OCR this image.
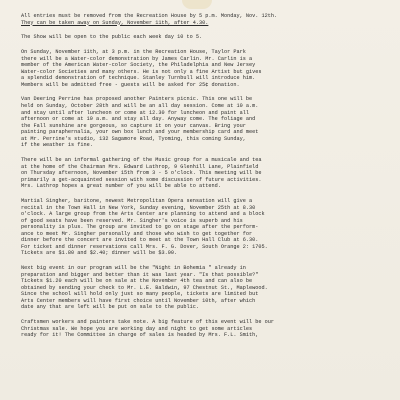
All entries must be removed from the Recreation House by 5 p.m. Monday, Nov. 12th.
They can be taken away on Sunday, November 11th, after 4.30.
The Show will be open to the public each week day 10 to 5.
On Sunday, November 11th, at 3 p.m. in the Recreation House, Taylor Park
there will be a Water-color demonstration by James Carlin. Mr. Carlin is a
member of the American Water-color Society, the Philadelphia and New Jersey
Water-color Societies and many others. He is not only a fine Artist but gives
a splendid demonstration of technique. Stanley Turnbull will introduce him.
Members will be admitted free - guests will be asked for 25¢ donation.
Van Deering Perrine has proposed another Painters picnic. This one will be
held on Sunday, October 28th and will be an all day session. Come at 10 a.m.
and stay until after luncheon or come at 12.30 for luncheon and paint all
afternoon or come at 10 a.m. and stay all day. Anyway come. The foliage and
the Fall sunshine are gorgeous, so capture it on your canvas. Bring your
painting paraphernalia, your own box lunch and your membership card and meet
at Mr. Perrine's studio, 132 Sagamore Road, Tyoming, this coming Sunday,
if the weather is fine.
There will be an informal gathering of the Music group for a musicale and tea
at the home of the Chairman Mrs. Edward Lathrop, 9 Glenhill Lane, Plainfield
on Thursday afternoon, November 15th from 3 - 5 o'clock. This meeting will be
primarily a get-acquainted session with some discussion of future activities.
Mrs. Lathrop hopes a great number of you will be able to attend.
Martial Singher, baritone, newest Metropolitan Opera sensation will give a
recital in the Town Hall in New York, Sunday evening, November 25th at 8.30
o'clock. A large group from the Arts Center are planning to attend and a block
of good seats have been reserved. Mr. Singher's voice is superb and his
personality is plus. The group are invited to go on stage after the perform-
ance to meet Mr. Singher personally and those who wish to get together for
dinner before the concert are invited to meet at the Town Hall Club at 6.30.
For ticket and dinner reservations call Mrs. F. G. Dover, South Orange 2: 1705.
Tickets are $1.80 and $2.40; dinner will be $3.00.
Next big event in our program will be the "Night in Bohemia " already in
preparation and bigger and better than it was last year. "Is that possible?"
Tickets $1.20 each will be on sale at the November 4th tea and can also be
obtained by sending your check to Mr. L.E. Baldwin, 97 Chestnut St., Maplewood.
Since the school will hold only just so many people, tickets are limited but
Arts Center members will have first choice until November 10th, after which
date any that are left will be put on sale to the public.
Craftsmen workers and painters take note. A big feature of this event will be our
Christmas sale. We hope you are working day and night to get some articles
ready for it! The Committee in charge of sales is headed by Mrs. F.L. Smith,
